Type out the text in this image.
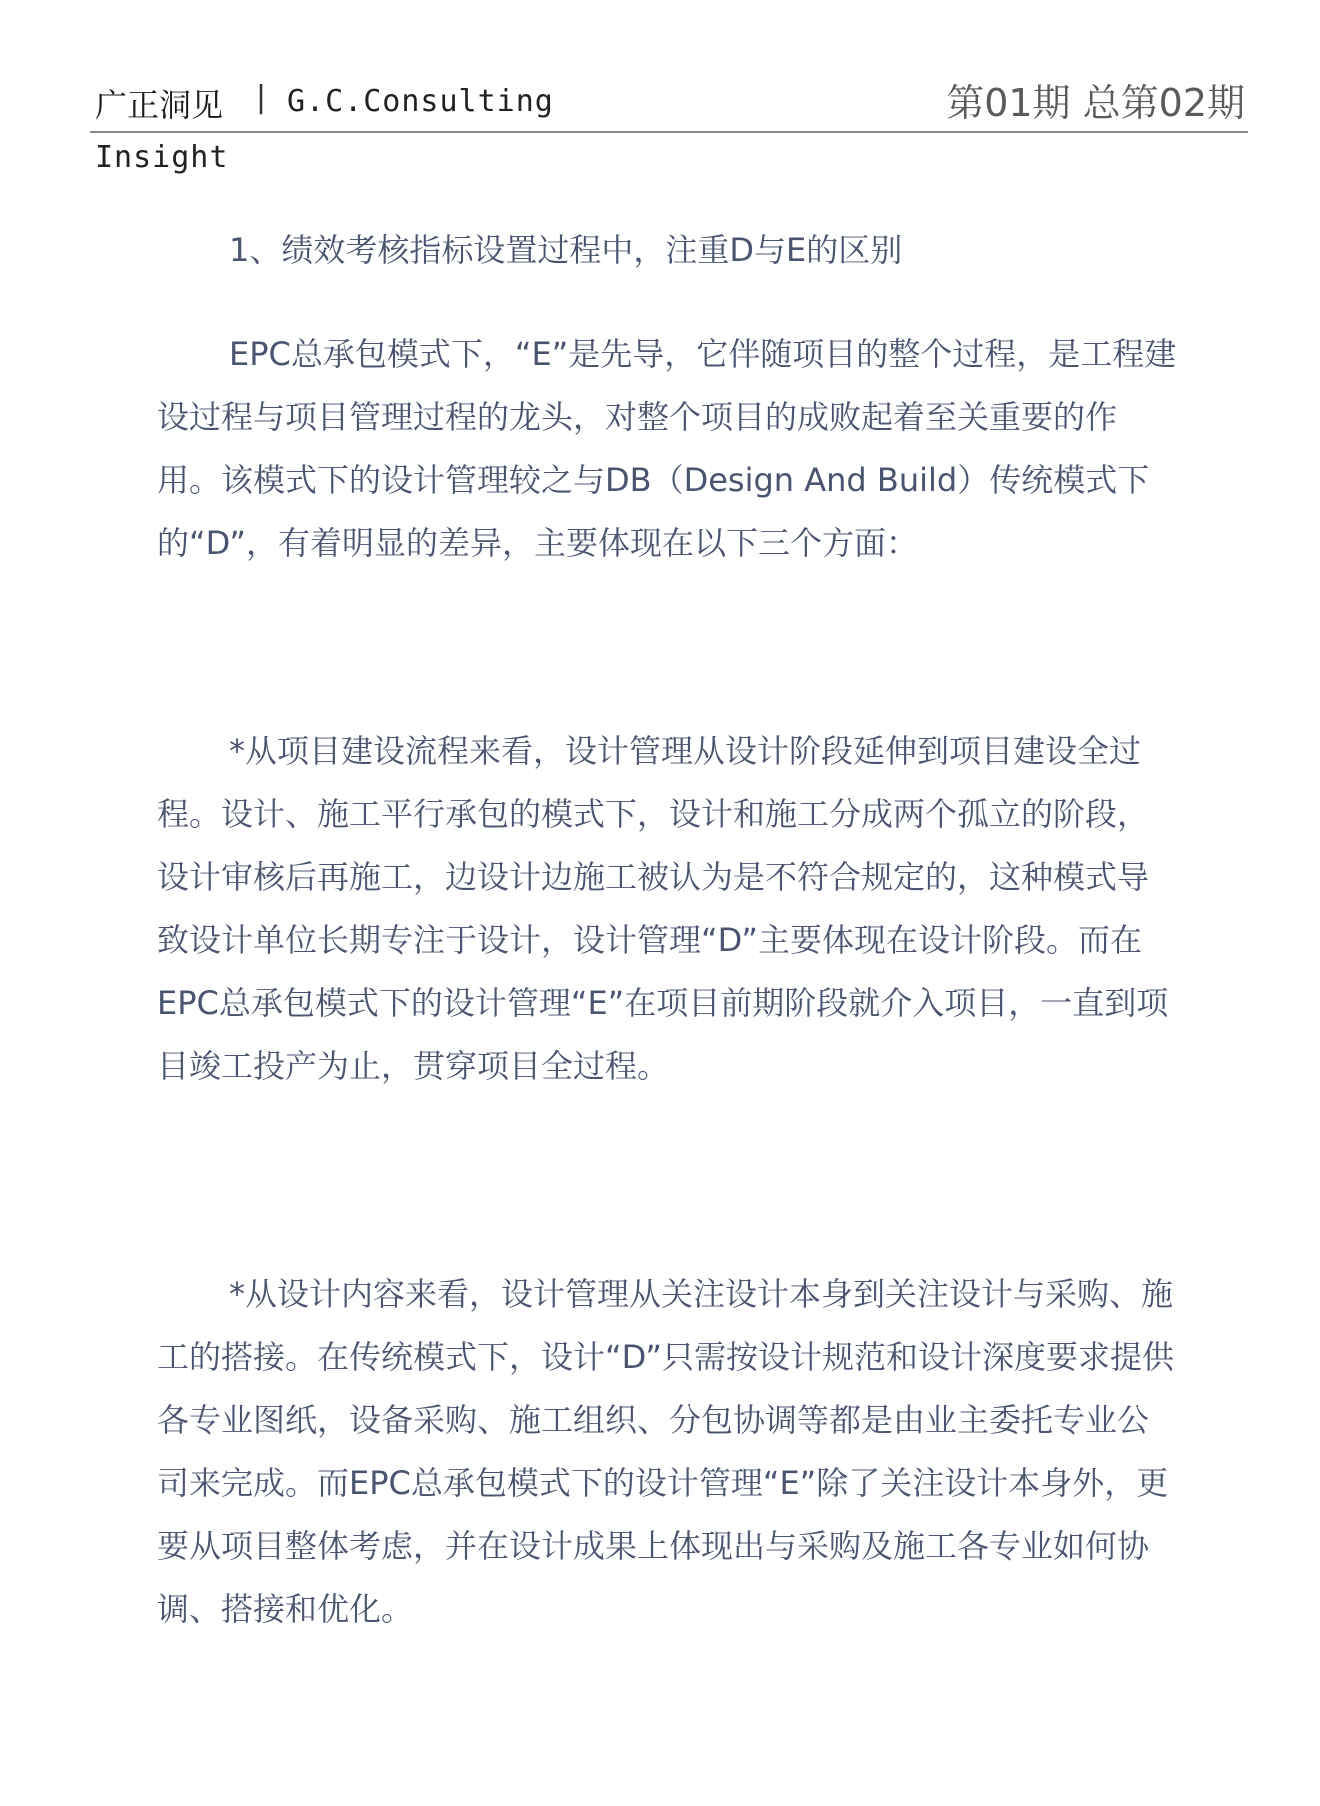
广正洞见 | G.C.Consulting	第01期 总第02期
Insight

1、绩效考核指标设置过程中，注重D与E的区别

EPC总承包模式下，“E”是先导，它伴随项目的整个过程，是工程建设过程与项目管理过程的龙头，对整个项目的成败起着至关重要的作用。该模式下的设计管理较之与DB（Design And Build）传统模式下的“D”，有着明显的差异，主要体现在以下三个方面：

*从项目建设流程来看，设计管理从设计阶段延伸到项目建设全过程。设计、施工平行承包的模式下，设计和施工分成两个孤立的阶段，设计审核后再施工，边设计边施工被认为是不符合规定的，这种模式导致设计单位长期专注于设计，设计管理“D”主要体现在设计阶段。而在EPC总承包模式下的设计管理“E”在项目前期阶段就介入项目，一直到项目竣工投产为止，贯穿项目全过程。

*从设计内容来看，设计管理从关注设计本身到关注设计与采购、施工的搭接。在传统模式下，设计“D”只需按设计规范和设计深度要求提供各专业图纸，设备采购、施工组织、分包协调等都是由业主委托专业公司来完成。而EPC总承包模式下的设计管理“E”除了关注设计本身外，更要从项目整体考虑，并在设计成果上体现出与采购及施工各专业如何协调、搭接和优化。
